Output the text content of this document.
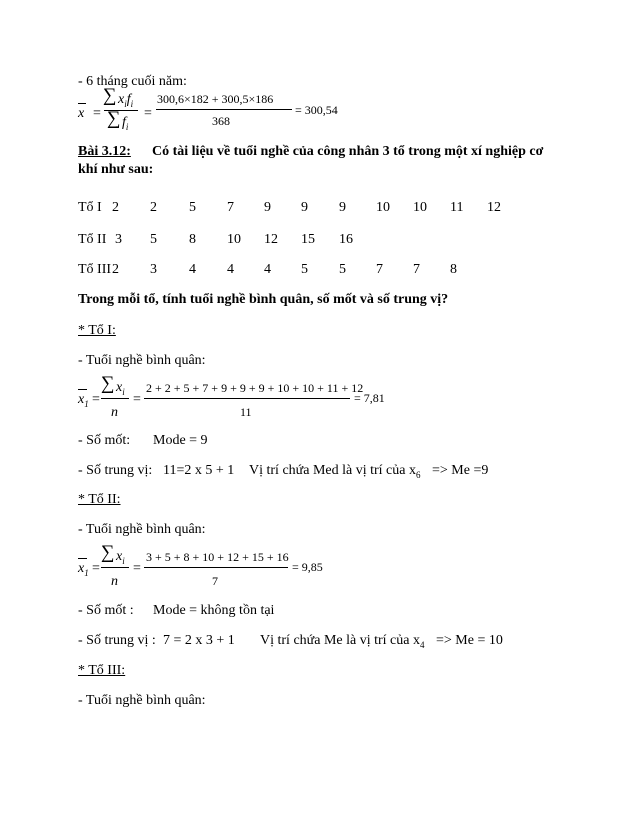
- 6 tháng cuối năm:
x =
∑ $x_if_i$
∑ $f_i$
=
300,6×182 + 300,5×186
368
= 300,54
Bài 3.12: Có tài liệu về tuổi nghề của công nhân 3 tổ trong một xí nghiệp cơ
khí như sau:
Tổ I 2 2 5 7 9 9 9 10 10 11 12
Tổ II 3 5 8 10 12 15 16
Tổ III 2 3 4 4 4 5 5 7 7 8
Trong mỗi tổ, tính tuổi nghề bình quân, số mốt và số trung vị?
* Tổ I:
- Tuổi nghề bình quân:
$x_1$ =
∑ $x_i$
n
=
2 + 2 + 5 + 7 + 9 + 9 + 9 + 10 + 10 + 11 + 12
11
= 7,81
- Số mốt: Mode = 9
- Số trung vị: 11=2 x 5 + 1 Vị trí chứa Med là vị trí của $x_6 => Me =9$
* Tổ II:
- Tuổi nghề bình quân:
$x_1$ =
∑ $x_i$
n
=
3 + 5 + 8 + 10 + 12 + 15 + 16
7
= 9,85
- Số mốt : Mode = không tồn tại
- Số trung vị : 7 = 2 x 3 + 1 Vị trí chứa Me là vị trí của $x_4 => Me = 10$
* Tổ III:
- Tuổi nghề bình quân:
